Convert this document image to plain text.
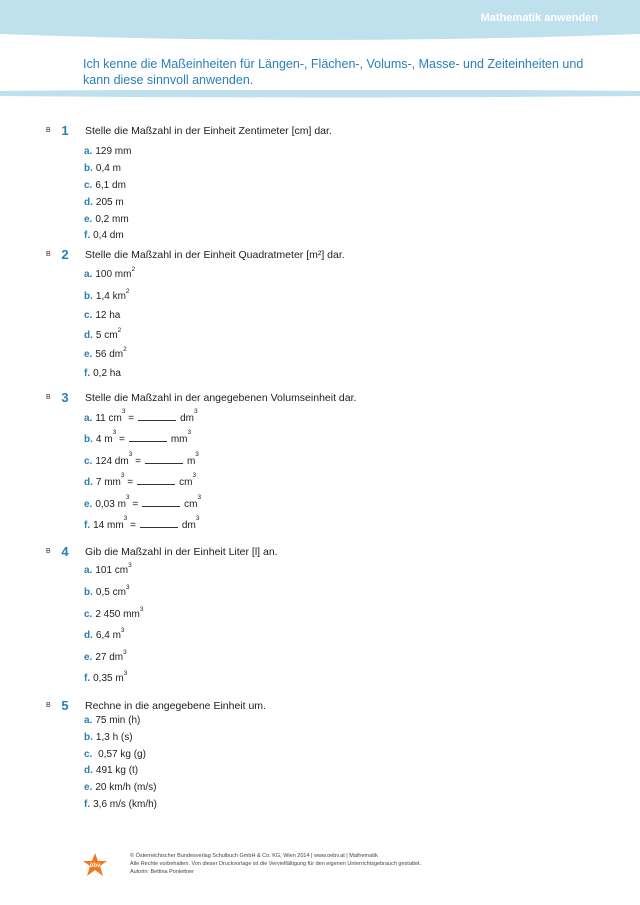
Mathematik anwenden
Ich kenne die Maßeinheiten für Längen-, Flächen-, Volums-, Masse- und Zeiteinheiten und kann diese sinnvoll anwenden.
B 1	Stelle die Maßzahl in der Einheit Zentimeter [cm] dar.
a. 129 mm
b. 0,4 m
c. 6,1 dm
d. 205 m
e. 0,2 mm
f. 0,4 dm
B 2	Stelle die Maßzahl in der Einheit Quadratmeter [m²] dar.
a. 100 $mm^2$
b. 1,4 $km^2$
c. 12 ha
d. 5 $cm^2$
e. 56 $dm^2$
f. 0,2 ha
B 3	Stelle die Maßzahl in der angegebenen Volumseinheit dar.
a. 11 $cm^3$ =	$dm^3$
b. 4 $m^3$ =	$mm^3$
c. 124 $dm^3$ =	$m^3$
d. 7 $mm^3$ =	$cm^3$
e. 0,03 $m^3$ =	$cm^3$
f. 14 $mm^3$ =	$dm^3$
B 4	Gib die Maßzahl in der Einheit Liter [l] an.
a. 101 $cm^3$
b. 0,5 $cm^3$
c. 2 450 $mm^3$
d. 6,4 $m^3$
e. 27 $dm^3$
f. 0,35 $m^3$
B 5	Rechne in die angegebene Einheit um.
a. 75 min (h)
b. 1,3 h (s)
c. 0,57 kg (g)
d. 491 kg (t)
e. 20 km/h (m/s)
f. 3,6 m/s (km/h)
öbv
© Österreichischer Bundesverlag Schulbuch GmbH & Co. KG, Wien 2014 | www.oebv.at | Mathematik
Alle Rechte vorbehalten. Von dieser Druckvorlage ist die Vervielfältigung für den eigenen Unterrichtsgebrauch gestattet.
Autorin: Bettina Ponleitner
